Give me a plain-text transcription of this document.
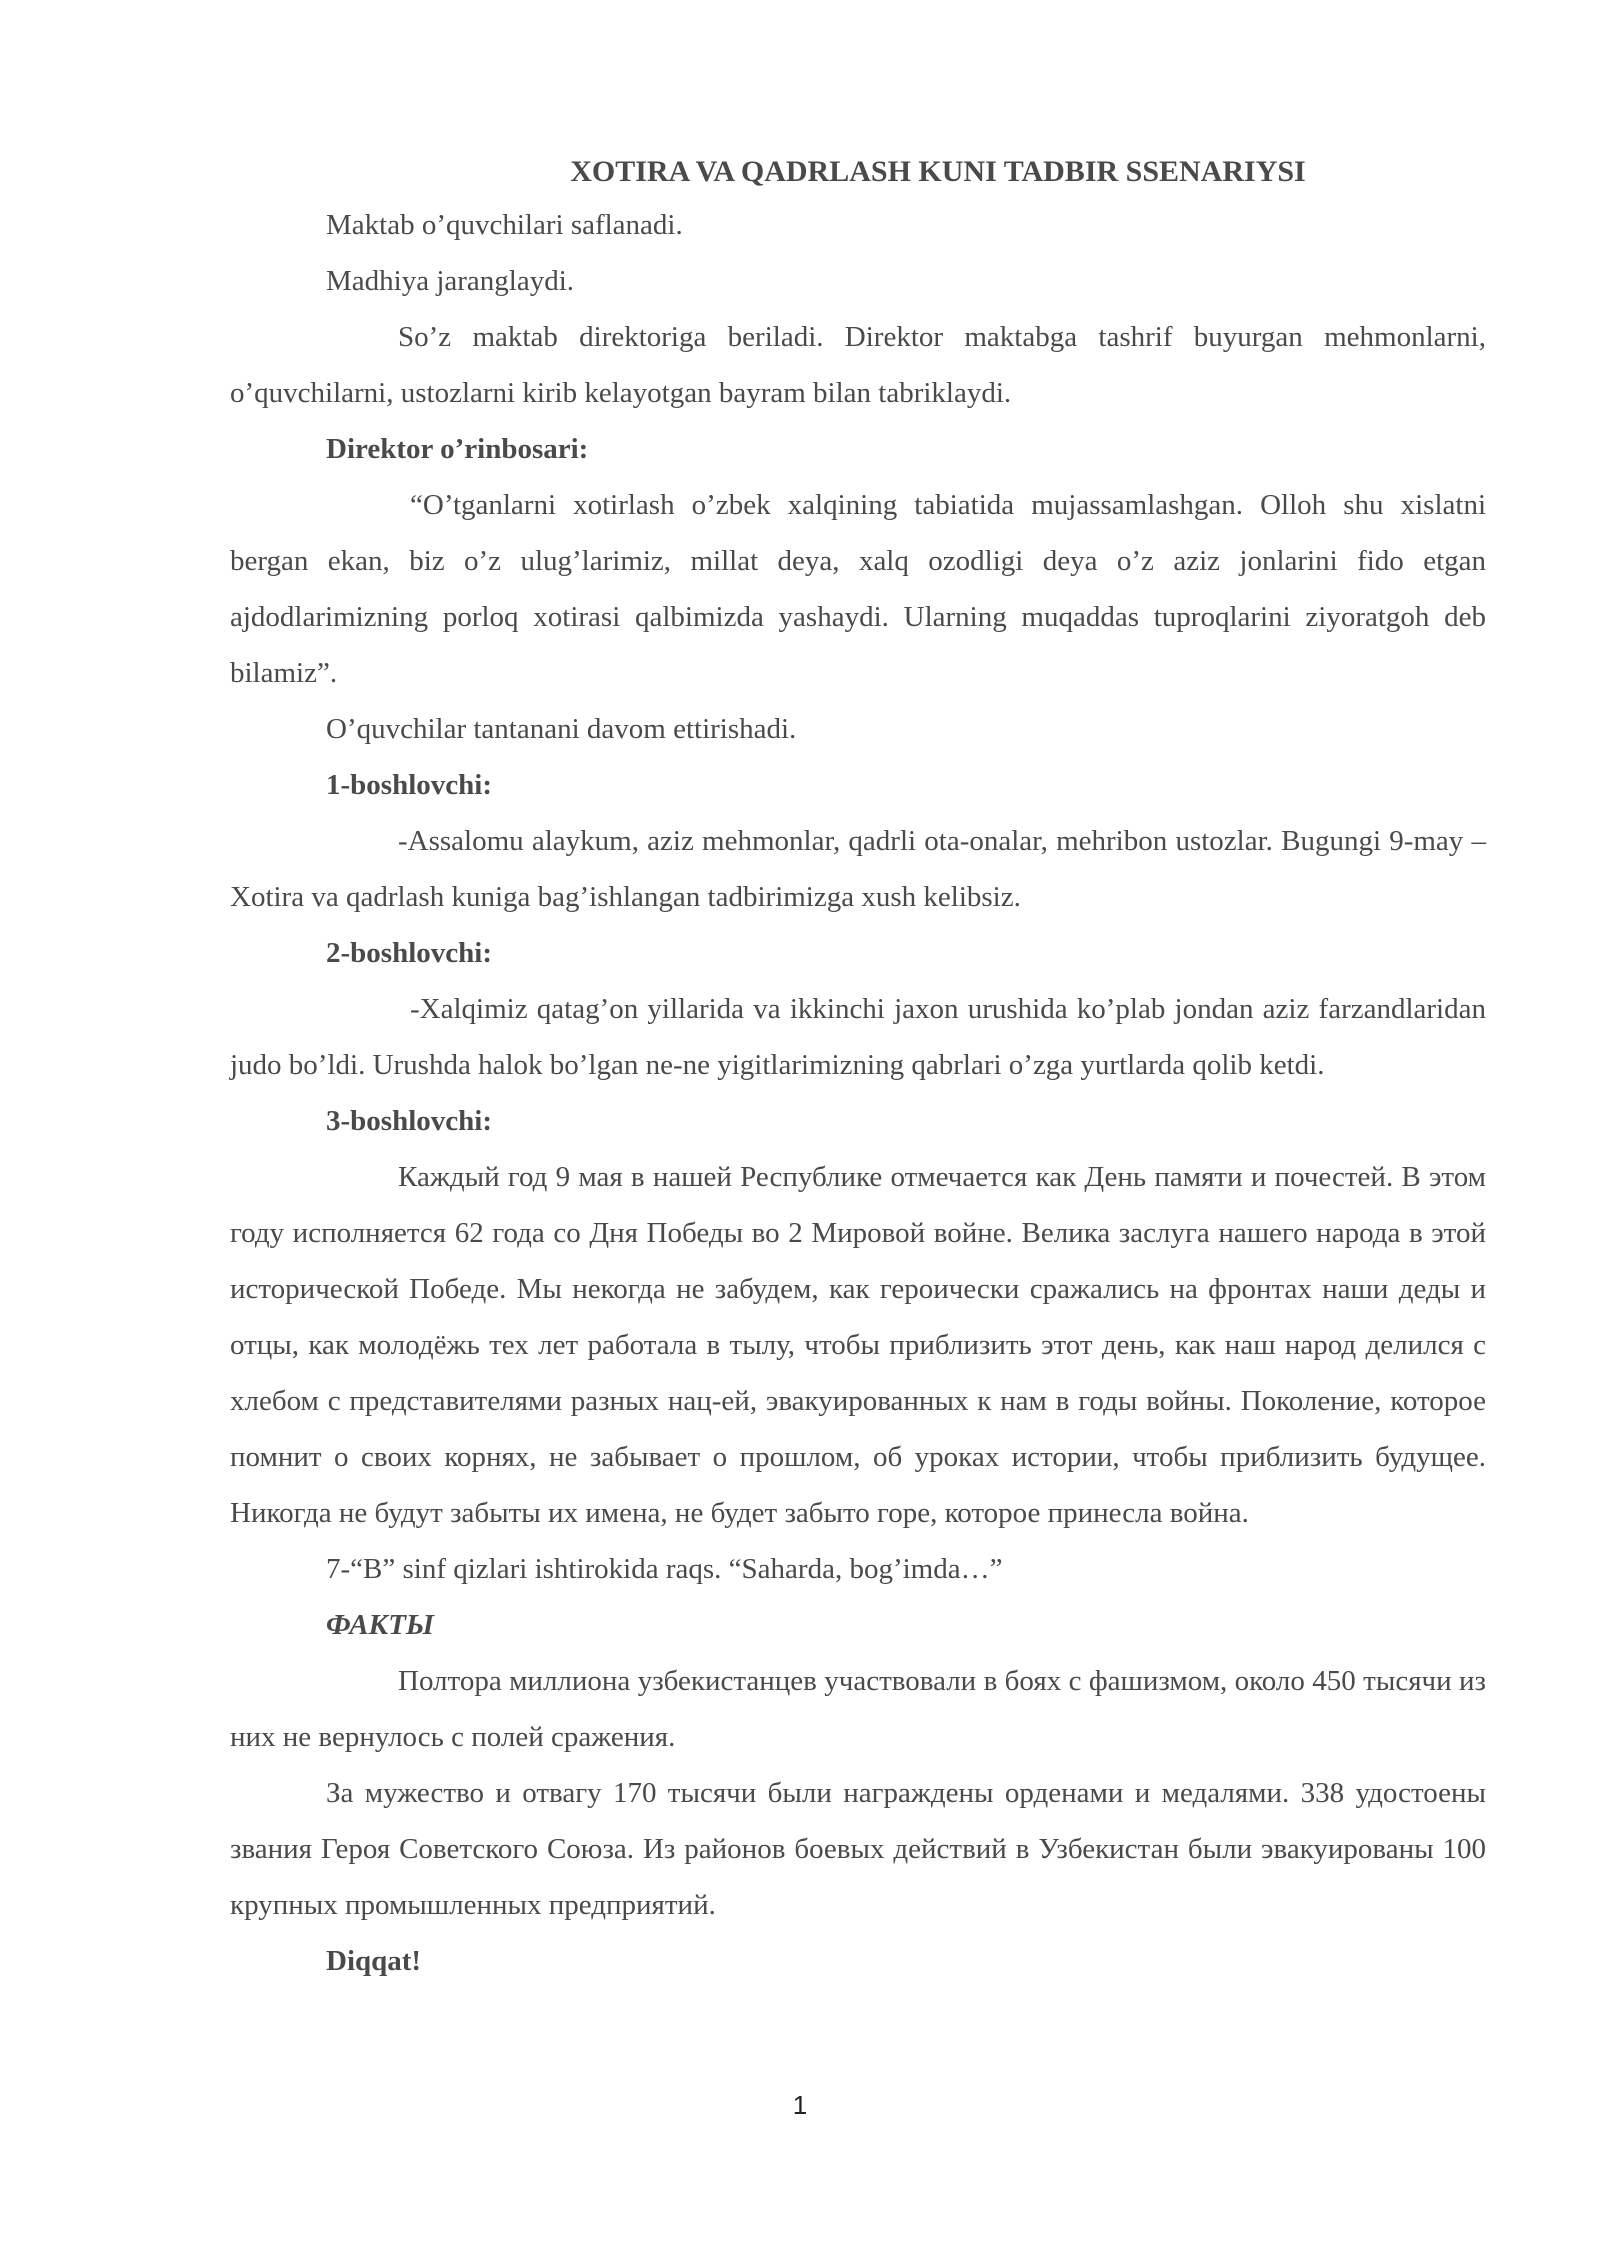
XOTIRA VA QADRLASH KUNI TADBIR SSENARIYSI

Maktab o’quvchilari saflanadi.

Madhiya jaranglaydi.

So’z maktab direktoriga beriladi. Direktor maktabga tashrif buyurgan mehmonlarni, o’quvchilarni, ustozlarni kirib kelayotgan bayram bilan tabriklaydi.

Direktor o’rinbosari:

“O’tganlarni xotirlash o’zbek xalqining tabiatida mujassamlashgan. Olloh shu xislatni bergan ekan, biz o’z ulug’larimiz, millat deya, xalq ozodligi deya o’z aziz jonlarini fido etgan ajdodlarimizning porloq xotirasi qalbimizda yashaydi. Ularning muqaddas tuproqlarini ziyoratgoh deb bilamiz”.

O’quvchilar tantanani davom ettirishadi.

1-boshlovchi:

-Assalomu alaykum, aziz mehmonlar, qadrli ota-onalar, mehribon ustozlar. Bugungi 9-may – Xotira va qadrlash kuniga bag’ishlangan tadbirimizga xush kelibsiz.

2-boshlovchi:

-Xalqimiz qatag’on yillarida va ikkinchi jaxon urushida ko’plab jondan aziz farzandlaridan judo bo’ldi. Urushda halok bo’lgan ne-ne yigitlarimizning qabrlari o’zga yurtlarda qolib ketdi.

3-boshlovchi:

Каждый год 9 мая в нашей Республике отмечается как День памяти и почестей. В этом году исполняется 62 года со Дня Победы во 2 Мировой войне. Велика заслуга нашего народа в этой исторической Победе. Мы некогда не забудем, как героически сражались на фронтах наши деды и отцы, как молодёжь тех лет работала в тылу, чтобы приблизить этот день, как наш народ делился с хлебом с представителями разных нац-ей, эвакуированных к нам в годы войны. Поколение, которое помнит о своих корнях, не забывает о прошлом, об уроках истории, чтобы приблизить будущее. Никогда не будут забыты их имена, не будет забыто горе, которое принесла война.

7-“B” sinf qizlari ishtirokida raqs. “Saharda, bog’imda…”

ФАКТЫ

Полтора миллиона узбекистанцев участвовали в боях с фашизмом, около 450 тысячи из них не вернулось с полей сражения.

За мужество и отвагу 170 тысячи были награждены орденами и медалями. 338 удостоены звания Героя Советского Союза. Из районов боевых действий в Узбекистан были эвакуированы 100 крупных промышленных предприятий.

Diqqat!

1
